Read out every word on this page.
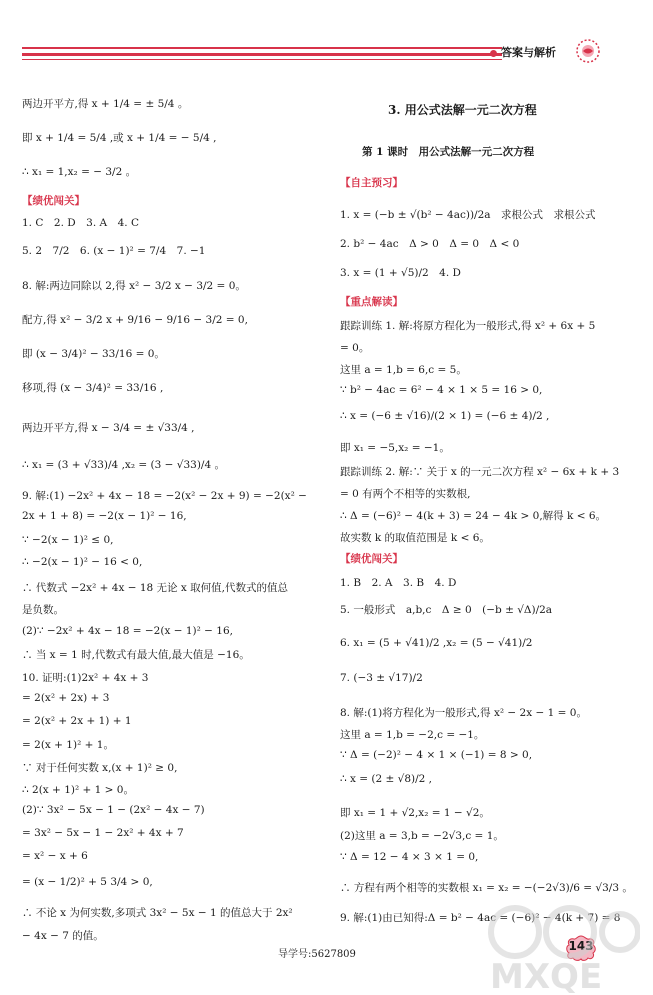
答案与解析
两边开平方,得 x + 1/4 = ± 5/4 。
即 x + 1/4 = 5/4 ,或 x + 1/4 = − 5/4 ,
∴ x₁ = 1,x₂ = − 3/2 。
【绩优闯关】
1. C　2. D　3. A　4. C
5. 2　7/2　6. (x − 1)² = 7/4　7. −1
8. 解:两边同除以 2,得 x² − 3/2 x − 3/2 = 0。
配方,得 x² − 3/2 x + 9/16 − 9/16 − 3/2 = 0,
即 (x − 3/4)² − 33/16 = 0。
移项,得 (x − 3/4)² = 33/16 ,
两边开平方,得 x − 3/4 = ± √33/4 ,
∴ x₁ = (3 + √33)/4 ,x₂ = (3 − √33)/4 。
9. 解:(1) −2x² + 4x − 18 = −2(x² − 2x + 9) = −2(x² −
2x + 1 + 8) = −2(x − 1)² − 16,
∵ −2(x − 1)² ≤ 0,
∴ −2(x − 1)² − 16 < 0,
∴ 代数式 −2x² + 4x − 18 无论 x 取何值,代数式的值总
是负数。
(2)∵ −2x² + 4x − 18 = −2(x − 1)² − 16,
∴ 当 x = 1 时,代数式有最大值,最大值是 −16。
10. 证明:(1)2x² + 4x + 3
= 2(x² + 2x) + 3
= 2(x² + 2x + 1) + 1
= 2(x + 1)² + 1。
∵ 对于任何实数 x,(x + 1)² ≥ 0,
∴ 2(x + 1)² + 1 > 0。
(2)∵ 3x² − 5x − 1 − (2x² − 4x − 7)
= 3x² − 5x − 1 − 2x² + 4x + 7
= x² − x + 6
= (x − 1/2)² + 5 3/4 > 0,
∴ 不论 x 为何实数,多项式 3x² − 5x − 1 的值总大于 2x²
− 4x − 7 的值。
3. 用公式法解一元二次方程
第 1 课时　用公式法解一元二次方程
【自主预习】
1. x = (−b ± √(b² − 4ac))/2a　求根公式　求根公式
2. b² − 4ac　Δ > 0　Δ = 0　Δ < 0
3. x = (1 + √5)/2　4. D
【重点解读】
跟踪训练 1. 解:将原方程化为一般形式,得 x² + 6x + 5
= 0。
这里 a = 1,b = 6,c = 5。
∵ b² − 4ac = 6² − 4 × 1 × 5 = 16 > 0,
∴ x = (−6 ± √16)/(2 × 1) = (−6 ± 4)/2 ,
即 x₁ = −5,x₂ = −1。
跟踪训练 2. 解:∵ 关于 x 的一元二次方程 x² − 6x + k + 3
= 0 有两个不相等的实数根,
∴ Δ = (−6)² − 4(k + 3) = 24 − 4k > 0,解得 k < 6。
故实数 k 的取值范围是 k < 6。
【绩优闯关】
1. B　2. A　3. B　4. D
5. 一般形式　a,b,c　Δ ≥ 0　(−b ± √Δ)/2a
6. x₁ = (5 + √41)/2 ,x₂ = (5 − √41)/2
7. (−3 ± √17)/2
8. 解:(1)将方程化为一般形式,得 x² − 2x − 1 = 0。
这里 a = 1,b = −2,c = −1。
∵ Δ = (−2)² − 4 × 1 × (−1) = 8 > 0,
∴ x = (2 ± √8)/2 ,
即 x₁ = 1 + √2,x₂ = 1 − √2。
(2)这里 a = 3,b = −2√3,c = 1。
∵ Δ = 12 − 4 × 3 × 1 = 0,
∴ 方程有两个相等的实数根 x₁ = x₂ = −(−2√3)/6 = √3/3 。
9. 解:(1)由已知得:Δ = b² − 4ac = (−6)² − 4(k + 7) = 8
导学号:5627809
143
MXQE
